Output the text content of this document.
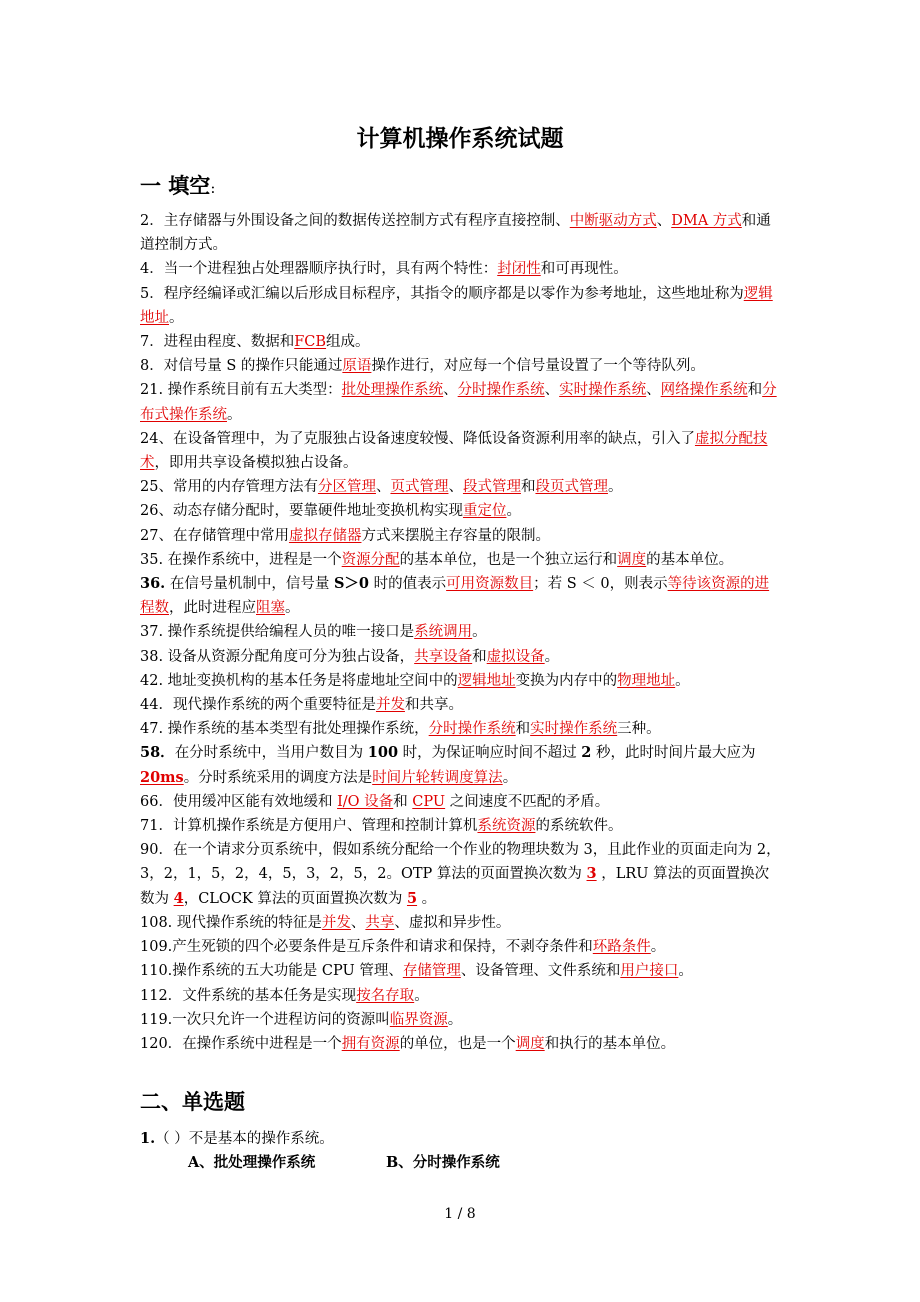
计算机操作系统试题
一 填空:

2．主存储器与外围设备之间的数据传送控制方式有程序直接控制、中断驱动方式、DMA 方式和通道控制方式。

4．当一个进程独占处理器顺序执行时，具有两个特性：封闭性和可再现性。

5．程序经编译或汇编以后形成目标程序，其指令的顺序都是以零作为参考地址，这些地址称为逻辑地址。

7．进程由程度、数据和FCB组成。

8．对信号量 S 的操作只能通过原语操作进行，对应每一个信号量设置了一个等待队列。

21. 操作系统目前有五大类型：批处理操作系统、分时操作系统、实时操作系统、网络操作系统和分布式操作系统。

24、在设备管理中，为了克服独占设备速度较慢、降低设备资源利用率的缺点，引入了虚拟分配技术，即用共享设备模拟独占设备。

25、常用的内存管理方法有分区管理、页式管理、段式管理和段页式管理。

26、动态存储分配时，要靠硬件地址变换机构实现重定位。

27、在存储管理中常用虚拟存储器方式来摆脱主存容量的限制。

35. 在操作系统中，进程是一个资源分配的基本单位，也是一个独立运行和调度的基本单位。

36. 在信号量机制中，信号量 S＞0 时的值表示可用资源数目；若 S ＜ 0，则表示等待该资源的进程数，此时进程应阻塞。

37. 操作系统提供给编程人员的唯一接口是系统调用。

38. 设备从资源分配角度可分为独占设备，共享设备和虚拟设备。

42. 地址变换机构的基本任务是将虚地址空间中的逻辑地址变换为内存中的物理地址。

44．现代操作系统的两个重要特征是并发和共享。

47. 操作系统的基本类型有批处理操作系统，分时操作系统和实时操作系统三种。

58．在分时系统中，当用户数目为 100 时，为保证响应时间不超过 2 秒，此时时间片最大应为 20ms。分时系统采用的调度方法是时间片轮转调度算法。

66．使用缓冲区能有效地缓和 I/O 设备和 CPU 之间速度不匹配的矛盾。

71．计算机操作系统是方便用户、管理和控制计算机系统资源的系统软件。

90．在一个请求分页系统中，假如系统分配给一个作业的物理块数为 3，且此作业的页面走向为 2，3，2，1，5，2，4，5，3，2，5，2。OTP 算法的页面置换次数为 3 ，LRU 算法的页面置换次数为 4，CLOCK 算法的页面置换次数为 5 。

108. 现代操作系统的特征是并发、共享、虚拟和异步性。

109.产生死锁的四个必要条件是互斥条件和请求和保持，不剥夺条件和环路条件。

110.操作系统的五大功能是 CPU 管理、存储管理、设备管理、文件系统和用户接口。

112．文件系统的基本任务是实现按名存取。

119.一次只允许一个进程访问的资源叫临界资源。

120．在操作系统中进程是一个拥有资源的单位，也是一个调度和执行的基本单位。

二、单选题

1.（ ）不是基本的操作系统。

A、批处理操作系统	B、分时操作系统

1 / 8
